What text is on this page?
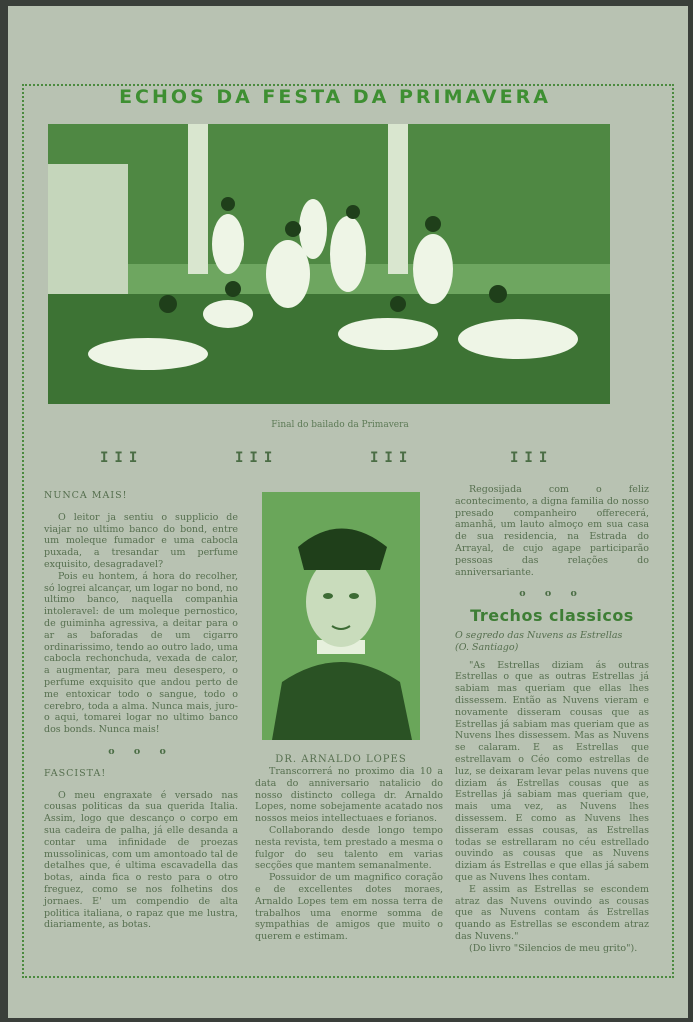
ECHOS DA FESTA DA PRIMAVERA
Final do bailado da Primavera
III	III	III	III
NUNCA MAIS!

O leitor ja sentiu o supplicio de viajar no ultimo banco do bond, entre um moleque fumador e uma cabocla puxada, a tresandar um perfume exquisito, desagradavel?

Pois eu hontem, á hora do recolher, só logrei alcançar, um logar no bond, no ultimo banco, naquella companhia intoleravel: de um moleque pernostico, de guiminha agressiva, a deitar para o ar as baforadas de um cigarro ordinarissimo, tendo ao outro lado, uma cabocla rechonchuda, vexada de calor, a augmentar, para meu desespero, o perfume exquisito que andou perto de me entoxicar todo o sangue, todo o cerebro, toda a alma. Nunca mais, juro-o aqui, tomarei logar no ultimo banco dos bonds. Nunca mais!

o o o
FASCISTA!

O meu engraxate é versado nas cousas politicas da sua querida Italia. Assim, logo que descanço o corpo em sua cadeira de palha, já elle desanda a contar uma infinidade de proezas mussolinicas, com um amontoado tal de detalhes que, é ultima escavadella das botas, ainda fica o resto para o otro freguez, como se nos folhetins dos jornaes. E' um compendio de alta politica italiana, o rapaz que me lustra, diariamente, as botas.

DR. ARNALDO LOPES

Transcorrerá no proximo dia 10 a data do anniversario natalicio do nosso distincto collega dr. Arnaldo Lopes, nome sobejamente acatado nos nossos meios intellectuaes e forianos.

Collaborando desde longo tempo nesta revista, tem prestado a mesma o fulgor do seu talento em varias secções que mantem semanalmente.

Possuidor de um magnifico coração e de excellentes dotes moraes, Arnaldo Lopes tem em nossa terra de trabalhos uma enorme somma de sympathias de amigos que muito o querem e estimam.

Regosijada com o feliz acontecimento, a digna familia do nosso presado companheiro offerecerá, amanhã, um lauto almoço em sua casa de sua residencia, na Estrada do Arrayal, de cujo agape participarão pessoas das relações do anniversariante.

o o o
Trechos classicos

O segredo das Nuvens as Estrellas

(O. Santiago)

"As Estrellas diziam ás outras Estrellas o que as outras Estrellas já sabiam mas queriam que ellas lhes dissessem. Então as Nuvens vieram e novamente disseram cousas que as Estrellas já sabiam mas queriam que as Nuvens lhes dissessem. Mas as Nuvens se calaram. E as Estrellas que estrellavam o Céo como estrellas de luz, se deixaram levar pelas nuvens que diziam ás Estrellas cousas que as Estrellas já sabiam mas queriam que, mais uma vez, as Nuvens lhes dissessem. E como as Nuvens lhes disseram essas cousas, as Estrellas todas se estrellaram no céu estrellado ouvindo as cousas que as Nuvens diziam ás Estrellas e que ellas já sabem que as Nuvens lhes contam.

E assim as Estrellas se escondem atraz das Nuvens ouvindo as cousas que as Nuvens contam ás Estrellas quando as Estrellas se escondem atraz das Nuvens."

(Do livro "Silencios de meu grito").
